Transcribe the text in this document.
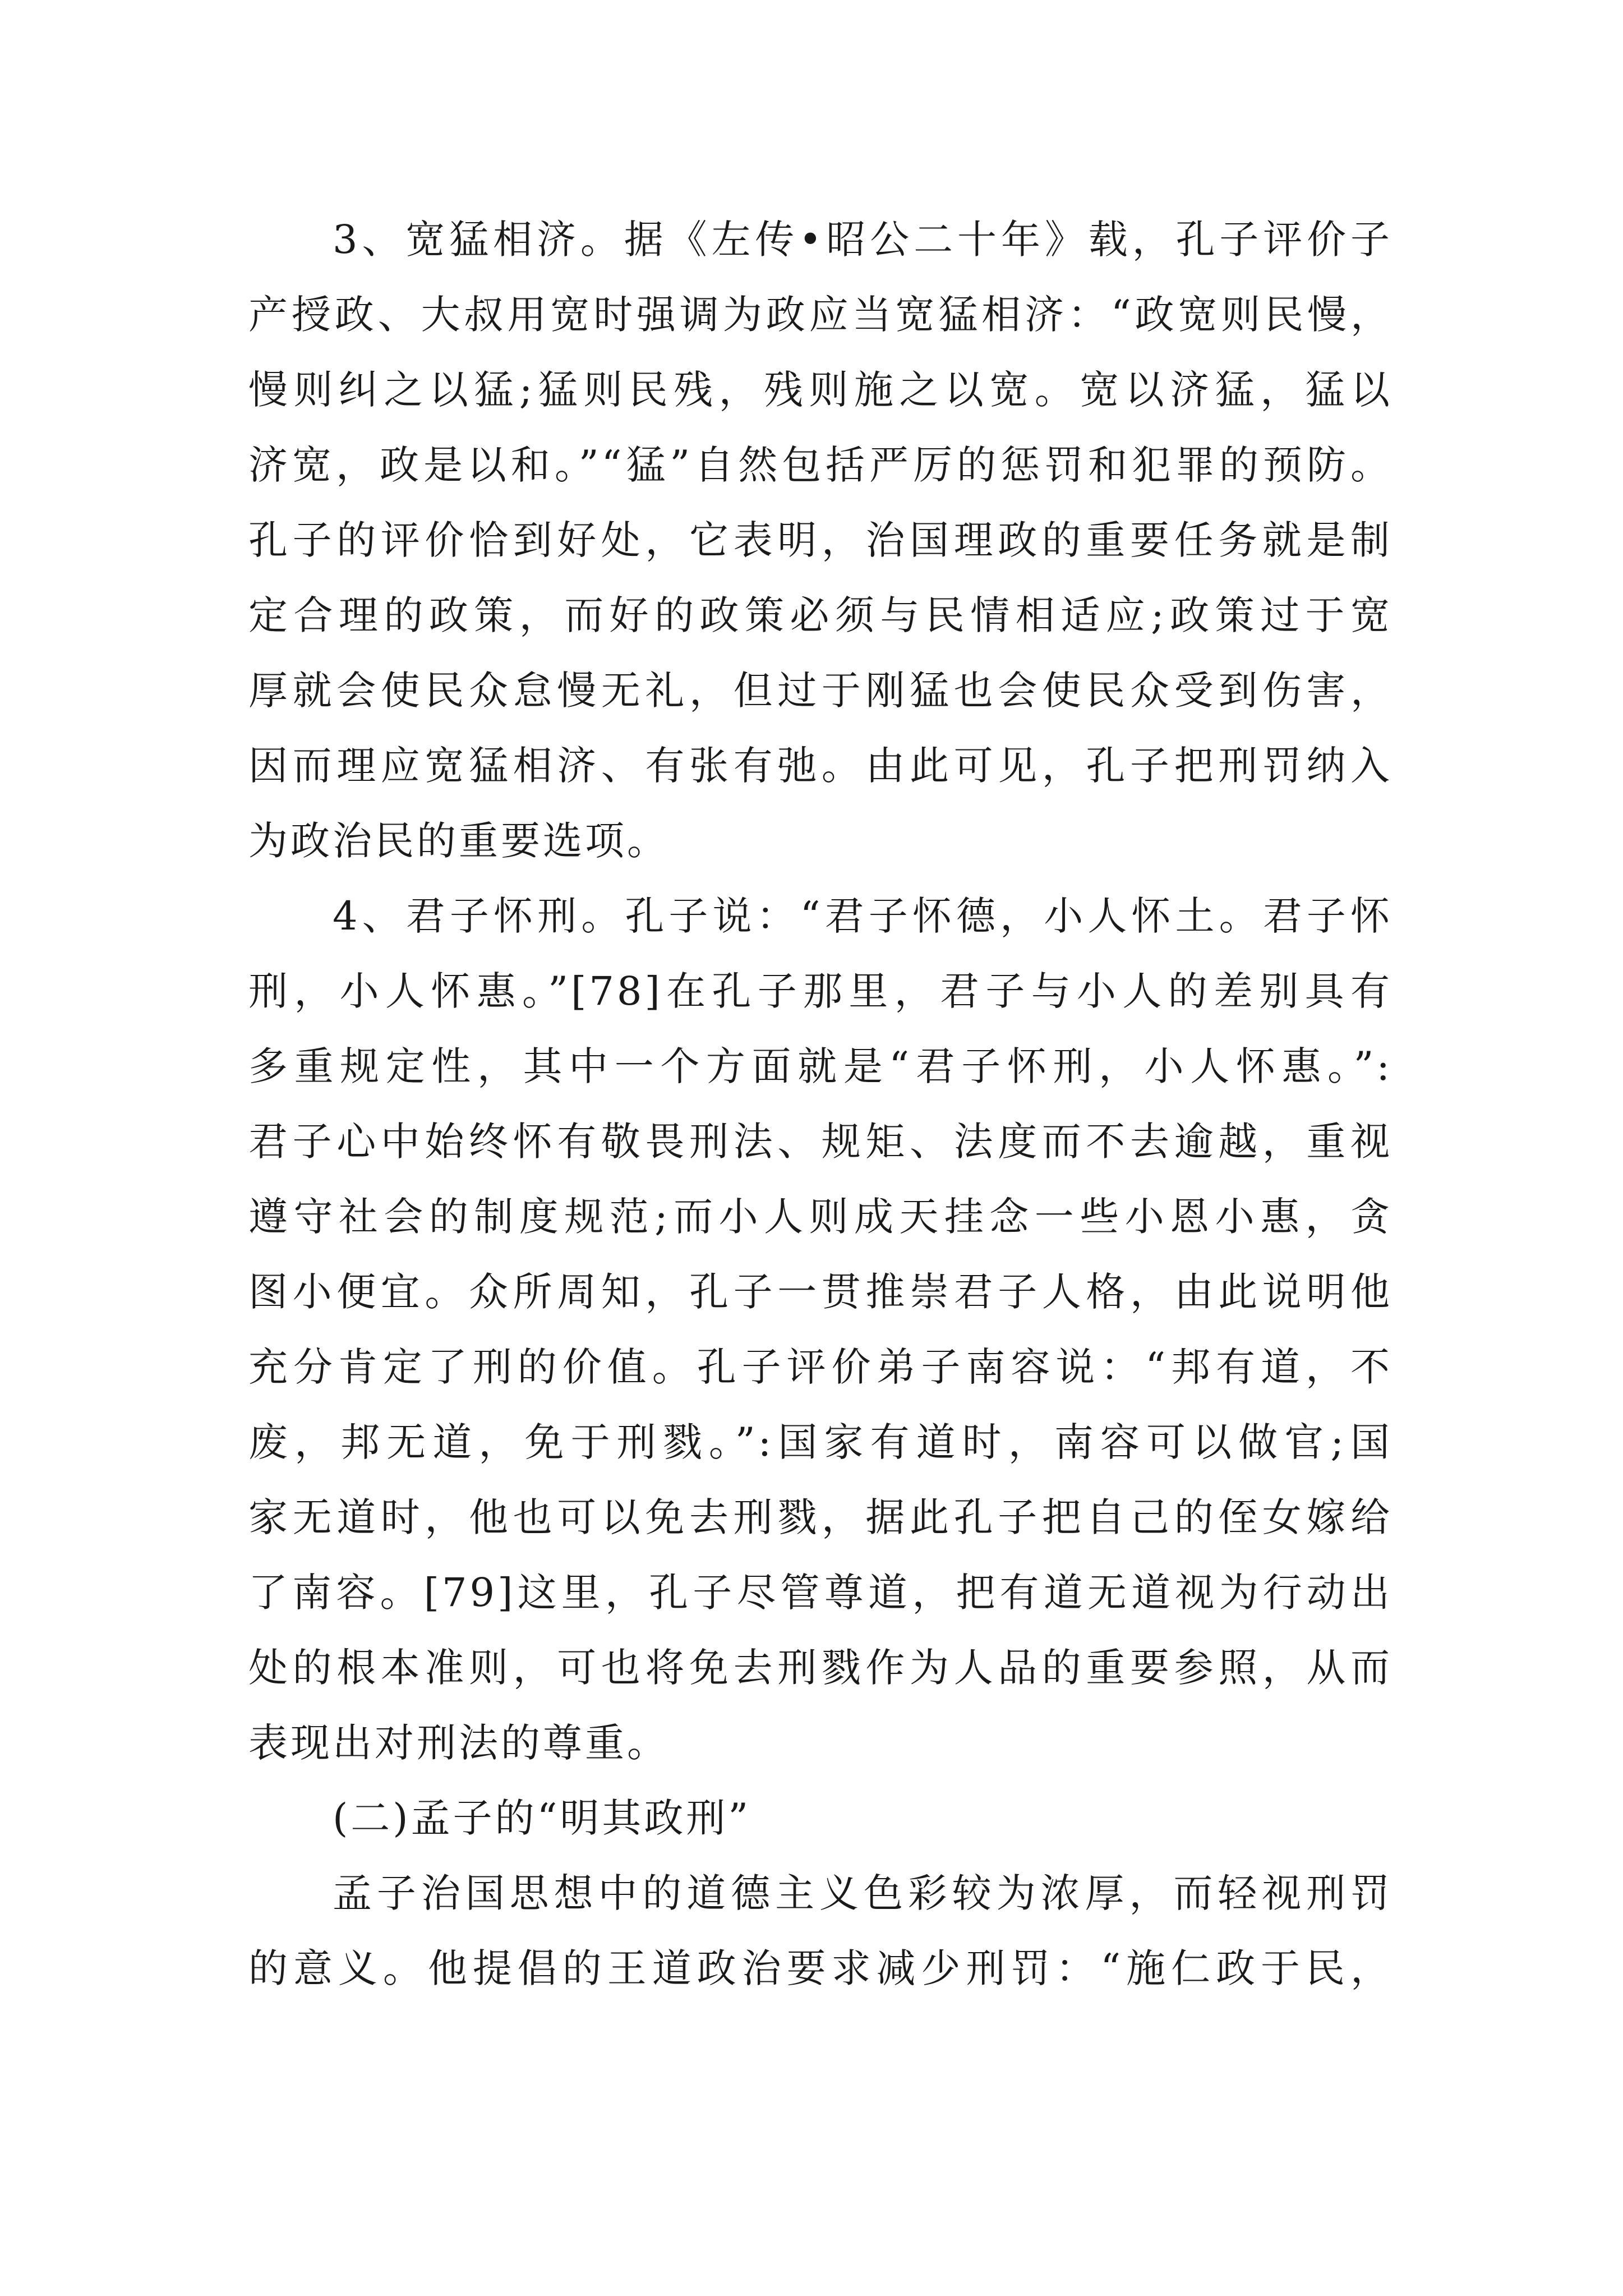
3、宽猛相济。据《左传•昭公二十年》载，孔子评价子
产授政、大叔用宽时强调为政应当宽猛相济：“政宽则民慢，
慢则纠之以猛;猛则民残，残则施之以宽。宽以济猛，猛以
济宽，政是以和。”“猛”自然包括严厉的惩罚和犯罪的预防。
孔子的评价恰到好处，它表明，治国理政的重要任务就是制
定合理的政策，而好的政策必须与民情相适应;政策过于宽
厚就会使民众怠慢无礼，但过于刚猛也会使民众受到伤害，
因而理应宽猛相济、有张有弛。由此可见，孔子把刑罚纳入
为政治民的重要选项。
4、君子怀刑。孔子说：“君子怀德，小人怀土。君子怀
刑，小人怀惠。”[78]在孔子那里，君子与小人的差别具有
多重规定性，其中一个方面就是“君子怀刑，小人怀惠。”:
君子心中始终怀有敬畏刑法、规矩、法度而不去逾越，重视
遵守社会的制度规范;而小人则成天挂念一些小恩小惠，贪
图小便宜。众所周知，孔子一贯推崇君子人格，由此说明他
充分肯定了刑的价值。孔子评价弟子南容说：“邦有道，不
废，邦无道，免于刑戮。”:国家有道时，南容可以做官;国
家无道时，他也可以免去刑戮，据此孔子把自己的侄女嫁给
了南容。[79]这里，孔子尽管尊道，把有道无道视为行动出
处的根本准则，可也将免去刑戮作为人品的重要参照，从而
表现出对刑法的尊重。
(二)孟子的“明其政刑”
孟子治国思想中的道德主义色彩较为浓厚，而轻视刑罚
的意义。他提倡的王道政治要求减少刑罚：“施仁政于民，
